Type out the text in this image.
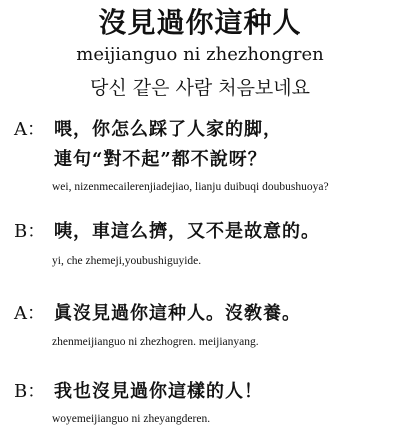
沒見過你這种人
meijianguo ni zhezhongren
당신 같은 사람 처음보네요
A： 喂，你怎么踩了人家的脚，
連句“對不起”都不說呀？
wei, nizenmecailerenjiadejiao, lianju duibuqi doubushuoya?
B： 咦，車這么擠，又不是故意的。
yi, che zhemeji,youbushiguyide.
A： 眞沒見過你這种人。沒敎養。
zhenmeijianguo ni zhezhogren. meijianyang.
B： 我也沒見過你這樣的人！
woyemeijianguo ni zheyangderen.
